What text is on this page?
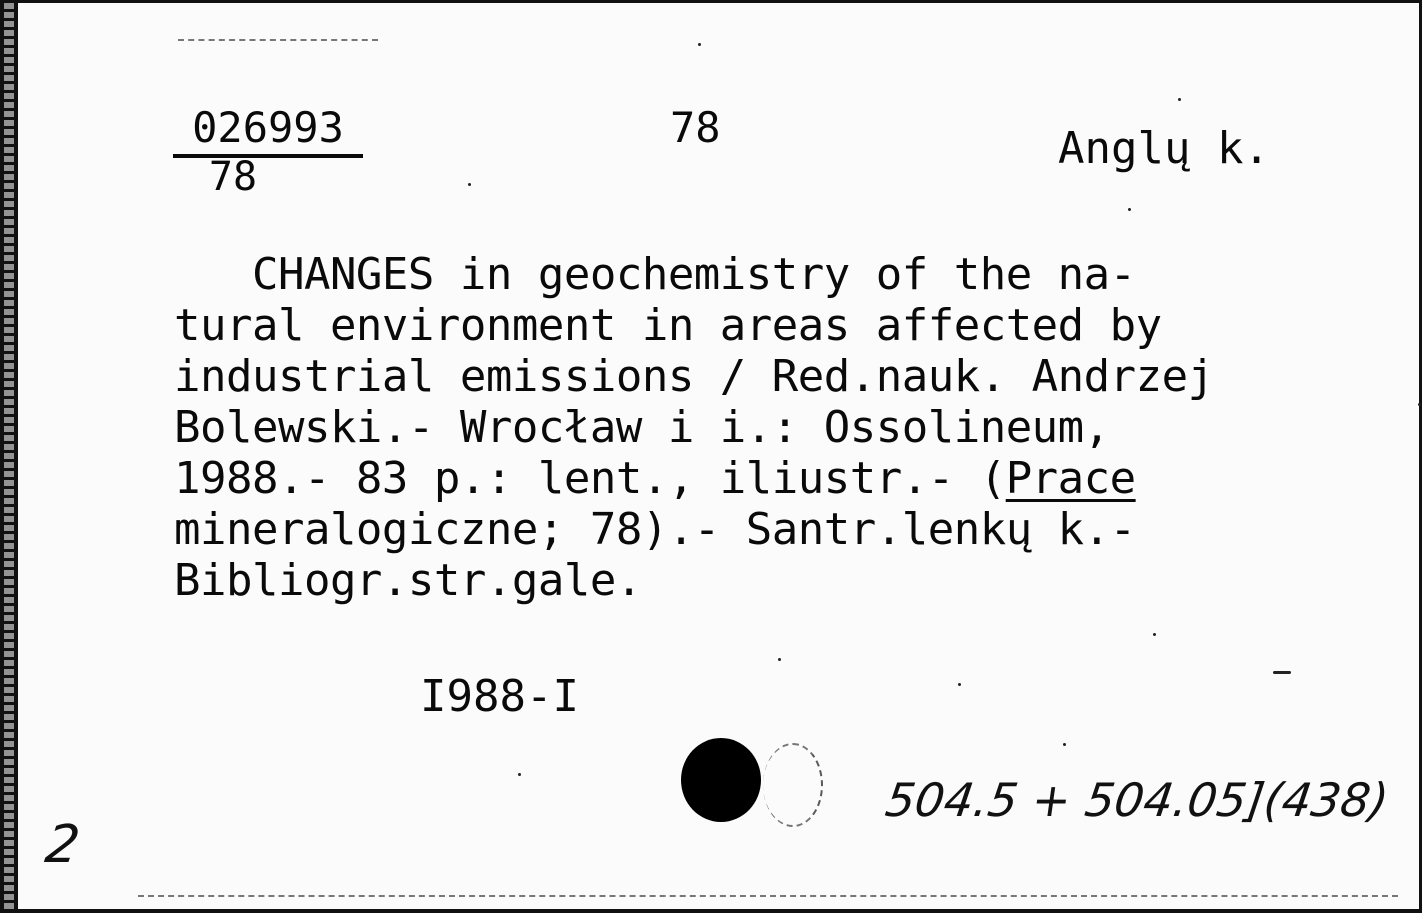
$\frac{026993}{78}$	78	Anglų k.
CHANGES in geochemistry of the na-
tural environment in areas affected by
industrial emissions / Red.nauk. Andrzej
Bolewski.- Wrocław i i.: Ossolineum,
1988.- 83 p.: lent., iliustr.- (Prace
mineralogiczne; 78).- Santr.lenkų k.-
Bibliogr.str.gale.
I988-I
504.5 + 504.05](438)
2
